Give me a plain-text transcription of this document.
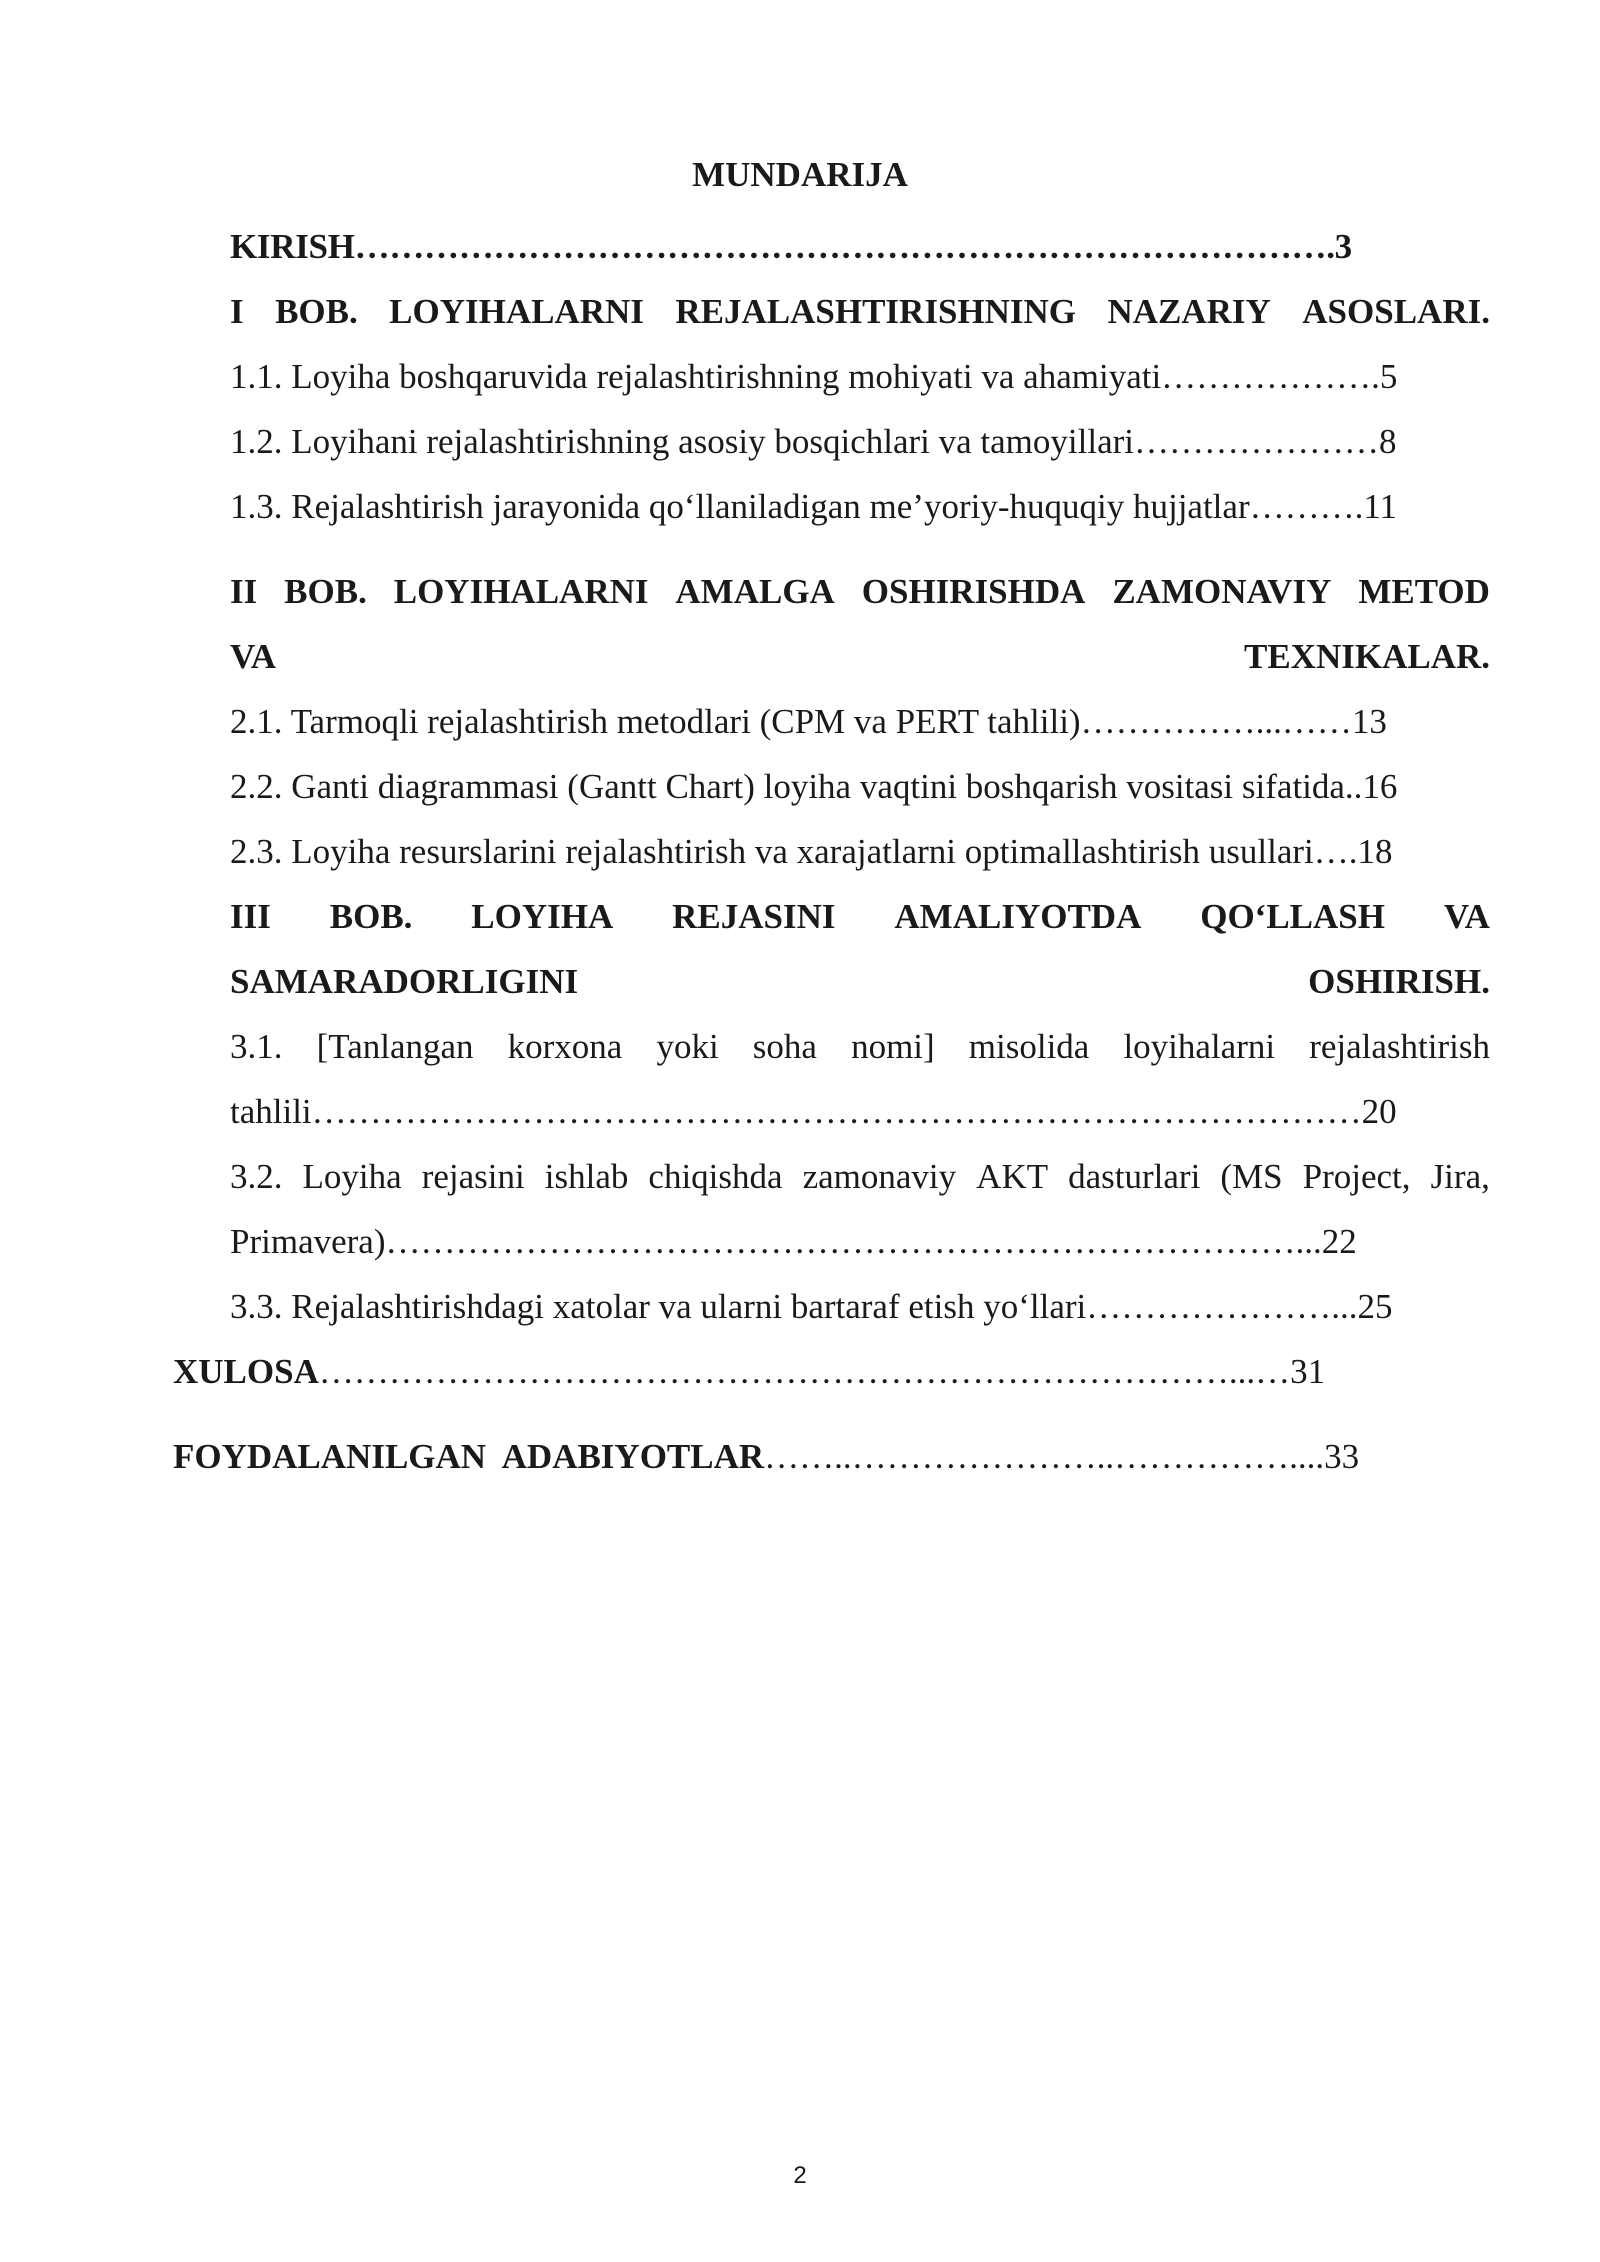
MUNDARIJA
KIRISH………………………………………………………………………….3
I BOB. LOYIHALARNI REJALASHTIRISHNING NAZARIY ASOSLARI.
1.1. Loyiha boshqaruvida rejalashtirishning mohiyati va ahamiyati……………….5
1.2. Loyihani rejalashtirishning asosiy bosqichlari va tamoyillari…………………8
1.3. Rejalashtirish jarayonida qo‘llaniladigan me’yoriy-huquqiy hujjatlar……….11
II BOB. LOYIHALARNI AMALGA OSHIRISHDA ZAMONAVIY METOD
VA	TEXNIKALAR.
2.1. Tarmoqli rejalashtirish metodlari (CPM va PERT tahlili)……………...……13
2.2. Ganti diagrammasi (Gantt Chart) loyiha vaqtini boshqarish vositasi sifatida..16
2.3. Loyiha resurslarini rejalashtirish va xarajatlarni optimallashtirish usullari….18
III BOB. LOYIHA REJASINI AMALIYOTDA QO‘LLASH VA
SAMARADORLIGINI	OSHIRISH.
3.1. [Tanlangan korxona yoki soha nomi] misolida loyihalarni rejalashtirish
tahlili………………………………………………………………………………20
3.2. Loyiha rejasini ishlab chiqishda zamonaviy AKT dasturlari (MS Project, Jira,
Primavera)……………………………………………………………………...22
3.3. Rejalashtirishdagi xatolar va ularni bartaraf etish yo‘llari…………………...25
XULOSA……………………………………………………………………...…31
FOYDALANILGAN  ADABIYOTLAR……..…………………..……………....33
2
